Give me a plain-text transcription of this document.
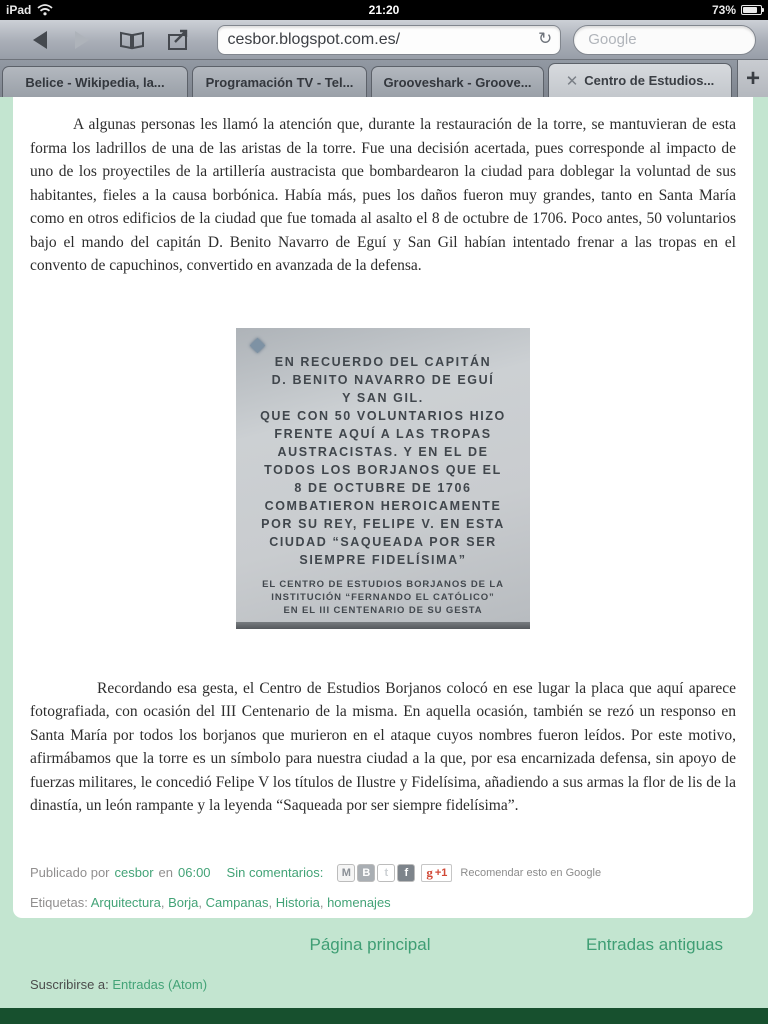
iPad	21:20	73%
cesbor.blogspot.com.es/
↻
Google
Belice - Wikipedia, la...	Programación TV - Tel... Grooveshark - Groove... ✕ Centro de Estudios...	+

A algunas personas les llamó la atención que, durante la restauración de la torre, se mantuvieran de esta forma los ladrillos de una de las aristas de la torre. Fue una decisión acertada, pues corresponde al impacto de uno de los proyectiles de la artillería austracista que bombardearon la ciudad para doblegar la voluntad de sus habitantes, fieles a la causa borbónica. Había más, pues los daños fueron muy grandes, tanto en Santa María como en otros edificios de la ciudad que fue tomada al asalto el 8 de octubre de 1706. Poco antes, 50 voluntarios bajo el mando del capitán D. Benito Navarro de Eguí y San Gil habían intentado frenar a las tropas en el convento de capuchinos, convertido en avanzada de la defensa.

EN RECUERDO DEL CAPITÁN
D. BENITO NAVARRO DE EGUÍ
Y SAN GIL.
QUE CON 50 VOLUNTARIOS HIZO
FRENTE AQUÍ A LAS TROPAS
AUSTRACISTAS. Y EN EL DE
TODOS LOS BORJANOS QUE EL
8 DE OCTUBRE DE 1706
COMBATIERON HEROICAMENTE
POR SU REY, FELIPE V. EN ESTA
CIUDAD “SAQUEADA POR SER
SIEMPRE FIDELÍSIMA”
EL CENTRO DE ESTUDIOS BORJANOS DE LA
INSTITUCIÓN “FERNANDO EL CATÓLICO”
EN EL III CENTENARIO DE SU GESTA

Recordando esa gesta, el Centro de Estudios Borjanos colocó en ese lugar la placa que aquí aparece fotografiada, con ocasión del III Centenario de la misma. En aquella ocasión, también se rezó un responso en Santa María por todos los borjanos que murieron en el ataque cuyos nombres fueron leídos. Por este motivo, afirmábamos que la torre es un símbolo para nuestra ciudad a la que, por esa encarnizada defensa, sin apoyo de fuerzas militares, le concedió Felipe V los títulos de Ilustre y Fidelísima, añadiendo a sus armas la flor de lis de la dinastía, un león rampante y la leyenda “Saqueada por ser siempre fidelísima”.

Publicado por cesbor en 06:00 Sin comentarios:	M	B	t	f	g +1 Recomendar esto en Google
Etiquetas: Arquitectura, Borja, Campanas, Historia, homenajes
Página principal	Entradas antiguas
Suscribirse a: Entradas (Atom)
